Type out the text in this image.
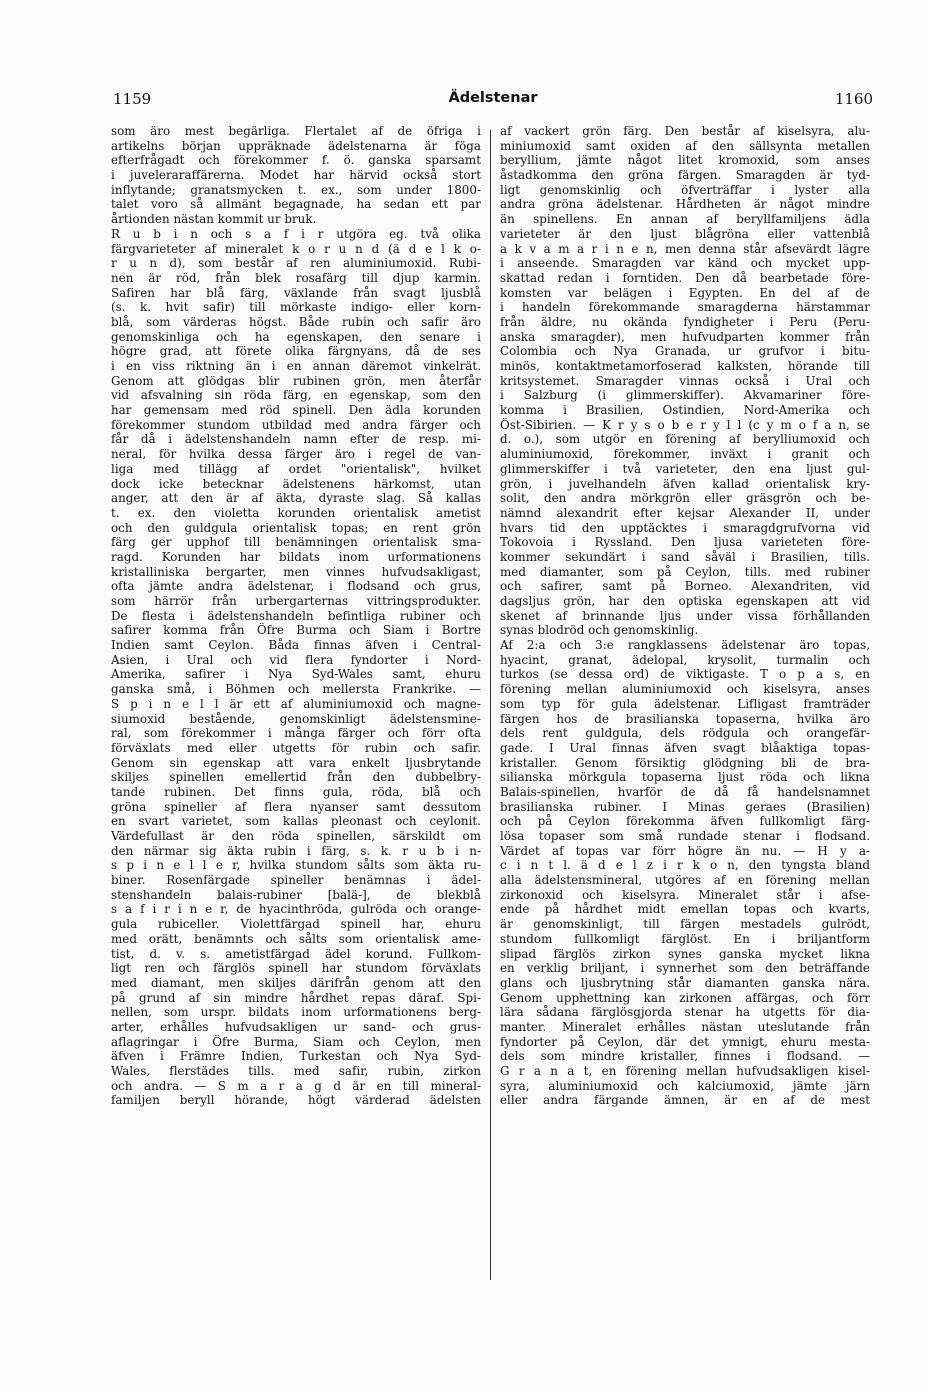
1159	Ädelstenar	1160
som äro mest begärliga. Flertalet af de öfriga i
artikelns början uppräknade ädelstenarna är föga
efterfrågadt och förekommer f. ö. ganska sparsamt
i juveleraraffärerna. Modet har härvid också stort
inflytande; granatsmycken t. ex., som under 1800-
talet voro så allmänt begagnade, ha sedan ett par
årtionden nästan kommit ur bruk.
R u b i n och s a f i r utgöra eg. två olika
färgvarieteter af mineralet k o r u n d (ä d e l k o-
r u n d), som består af ren aluminiumoxid. Rubi-
nen är röd, från blek rosafärg till djup karmin.
Safiren har blå färg, växlande från svagt ljusblå
(s. k. hvit safir) till mörkaste indigo- eller korn-
blå, som värderas högst. Både rubin och safir äro
genomskinliga och ha egenskapen, den senare i
högre grad, att förete olika färgnyans, då de ses
i en viss riktning än i en annan däremot vinkelrät.
Genom att glödgas blir rubinen grön, men återfår
vid afsvalning sin röda färg, en egenskap, som den
har gemensam med röd spinell. Den ädla korunden
förekommer stundom utbildad med andra färger och
får då i ädelstenshandeln namn efter de resp. mi-
neral, för hvilka dessa färger äro i regel de van-
liga med tillägg af ordet "orientalisk", hvilket
dock icke betecknar ädelstenens härkomst, utan
anger, att den är af äkta, dyraste slag. Så kallas
t. ex. den violetta korunden orientalisk ametist
och den guldgula orientalisk topas; en rent grön
färg ger upphof till benämningen orientalisk sma-
ragd. Korunden har bildats inom urformationens
kristalliniska bergarter, men vinnes hufvudsakligast,
ofta jämte andra ädelstenar, i flodsand och grus,
som härrör från urbergarternas vittringsprodukter.
De flesta i ädelstenshandeln befintliga rubiner och
safirer komma från Öfre Burma och Siam i Bortre
Indien samt Ceylon. Båda finnas äfven i Central-
Asien, i Ural och vid flera fyndorter i Nord-
Amerika, safirer i Nya Syd-Wales samt, ehuru
ganska små, i Böhmen och mellersta Frankrike. —
S p i n e l l är ett af aluminiumoxid och magne-
siumoxid bestående, genomskinligt ädelstensmine-
ral, som förekommer i många färger och förr ofta
förväxlats med eller utgetts för rubin och safir.
Genom sin egenskap att vara enkelt ljusbrytande
skiljes spinellen emellertid från den dubbelbry-
tande rubinen. Det finns gula, röda, blå och
gröna spineller af flera nyanser samt dessutom
en svart varietet, som kallas pleonast och ceylonit.
Värdefullast är den röda spinellen, särskildt om
den närmar sig äkta rubin i färg, s. k. r u b i n-
s p i n e l l e r, hvilka stundom sålts som äkta ru-
biner. Rosenfärgade spineller benämnas i ädel-
stenshandeln balais-rubiner [balä-], de blekblå
s a f i r i n e r, de hyacinthröda, gulröda och orange-
gula rubiceller. Violettfärgad spinell har, ehuru
med orätt, benämnts och sålts som orientalisk ame-
tist, d. v. s. ametistfärgad ädel korund. Fullkom-
ligt ren och färglös spinell har stundom förväxlats
med diamant, men skiljes därifrån genom att den
på grund af sin mindre hårdhet repas däraf. Spi-
nellen, som urspr. bildats inom urformationens berg-
arter, erhålles hufvudsakligen ur sand- och grus-
aflagringar i Öfre Burma, Siam och Ceylon, men
äfven i Främre Indien, Turkestan och Nya Syd-
Wales, flerstädes tills. med safir, rubin, zirkon
och andra. — S m a r a g d är en till mineral-
familjen beryll hörande, högt värderad ädelsten
af vackert grön färg. Den består af kiselsyra, alu-
miniumoxid samt oxiden af den sällsynta metallen
beryllium, jämte något litet kromoxid, som anses
åstadkomma den gröna färgen. Smaragden är tyd-
ligt genomskinlig och öfverträffar i lyster alla
andra gröna ädelstenar. Hårdheten är något mindre
än spinellens. En annan af beryllfamiljens ädla
varieteter är den ljust blågröna eller vattenblå
a k v a m a r i n e n, men denna står afsevärdt lägre
i anseende. Smaragden var känd och mycket upp-
skattad redan i forntiden. Den då bearbetade före-
komsten var belägen i Egypten. En del af de
i handeln förekommande smaragderna härstammar
från äldre, nu okända fyndigheter i Peru (Peru-
anska smaragder), men hufvudparten kommer från
Colombia och Nya Granada, ur grufvor i bitu-
minös, kontaktmetamorfoserad kalksten, hörande till
kritsystemet. Smaragder vinnas också i Ural och
i Salzburg (i glimmerskiffer). Akvamariner före-
komma i Brasilien, Ostindien, Nord-Amerika och
Öst-Sibirien. — K r y s o b e r y l l (c y m o f a n, se
d. o.), som utgör en förening af berylliumoxid och
aluminiumoxid, förekommer, inväxt i granit och
glimmerskiffer i två varieteter, den ena ljust gul-
grön, i juvelhandeln äfven kallad orientalisk kry-
solit, den andra mörkgrön eller gräsgrön och be-
nämnd alexandrit efter kejsar Alexander II, under
hvars tid den upptäcktes i smaragdgrufvorna vid
Tokovoia i Ryssland. Den ljusa varieteten före-
kommer sekundärt i sand såväl i Brasilien, tills.
med diamanter, som på Ceylon, tills. med rubiner
och safirer, samt på Borneo. Alexandriten, vid
dagsljus grön, har den optiska egenskapen att vid
skenet af brinnande ljus under vissa förhållanden
synas blodröd och genomskinlig.
Af 2:a och 3:e rangklassens ädelstenar äro topas,
hyacint, granat, ädelopal, krysolit, turmalin och
turkos (se dessa ord) de viktigaste. T o p a s, en
förening mellan aluminiumoxid och kiselsyra, anses
som typ för gula ädelstenar. Lifligast framträder
färgen hos de brasilianska topaserna, hvilka äro
dels rent guldgula, dels rödgula och orangefär-
gade. I Ural finnas äfven svagt blåaktiga topas-
kristaller. Genom försiktig glödgning bli de bra-
silianska mörkgula topaserna ljust röda och likna
Balais-spinellen, hvarför de då få handelsnamnet
brasilianska rubiner. I Minas geraes (Brasilien)
och på Ceylon förekomma äfven fullkomligt färg-
lösa topaser som små rundade stenar i flodsand.
Värdet af topas var förr högre än nu. — H y a-
c i n t l. ä d e l z i r k o n, den tyngsta bland
alla ädelstensmineral, utgöres af en förening mellan
zirkonoxid och kiselsyra. Mineralet står i afse-
ende på hårdhet midt emellan topas och kvarts,
är genomskinligt, till färgen mestadels gulrödt,
stundom fullkomligt färglöst. En i briljantform
slipad färglös zirkon synes ganska mycket likna
en verklig briljant, i synnerhet som den beträffande
glans och ljusbrytning står diamanten ganska nära.
Genom upphettning kan zirkonen affärgas, och förr
lära sådana färglösgjorda stenar ha utgetts för dia-
manter. Mineralet erhålles nästan uteslutande från
fyndorter på Ceylon, där det ymnigt, ehuru mesta-
dels som mindre kristaller, finnes i flodsand. —
G r a n a t, en förening mellan hufvudsakligen kisel-
syra, aluminiumoxid och kalciumoxid, jämte järn
eller andra färgande ämnen, är en af de mest
